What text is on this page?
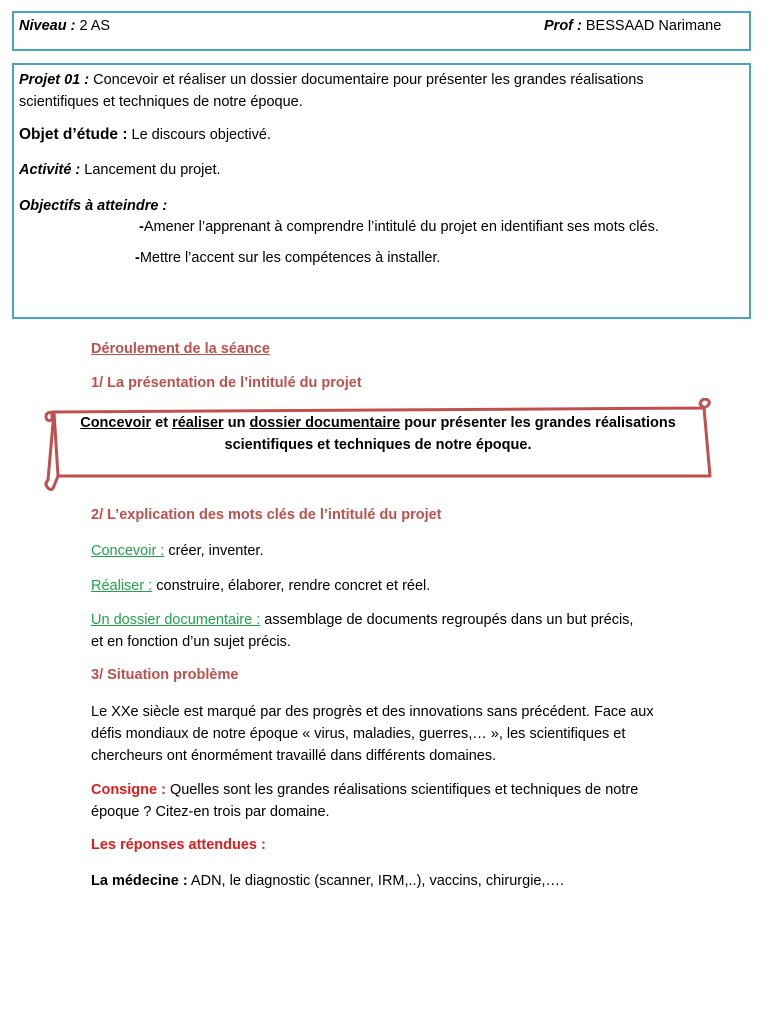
Niveau : 2 AS	Prof : BESSAAD Narimane
Projet 01 : Concevoir et réaliser un dossier documentaire pour présenter les grandes réalisations
scientifiques et techniques de notre époque.
Objet d’étude : Le discours objectivé.
Activité : Lancement du projet.
Objectifs à atteindre :
-Amener l’apprenant à comprendre l’intitulé du projet en identifiant ses mots clés.
-Mettre l’accent sur les compétences à installer.
Déroulement de la séance
1/ La présentation de l’intitulé du projet
Concevoir et réaliser un dossier documentaire pour présenter les grandes réalisations
scientifiques et techniques de notre époque.
2/ L’explication des mots clés de l’intitulé du projet
Concevoir : créer, inventer.
Réaliser : construire, élaborer, rendre concret et réel.
Un dossier documentaire : assemblage de documents regroupés dans un but précis,
et en fonction d’un sujet précis.
3/ Situation problème
Le XXe siècle est marqué par des progrès et des innovations sans précédent. Face aux
défis mondiaux de notre époque « virus, maladies, guerres,… », les scientifiques et
chercheurs ont énormément travaillé dans différents domaines.
Consigne : Quelles sont les grandes réalisations scientifiques et techniques de notre
époque ? Citez-en trois par domaine.
Les réponses attendues :
La médecine : ADN, le diagnostic (scanner, IRM,..), vaccins, chirurgie,….
